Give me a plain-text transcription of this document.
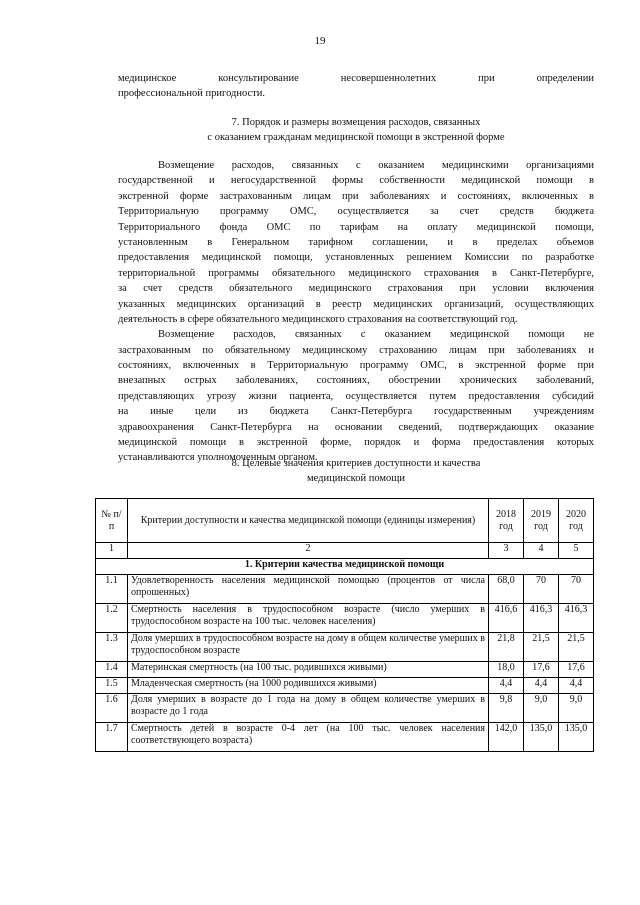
19
медицинское консультирование несовершеннолетних при определении
профессиональной пригодности.
7. Порядок и размеры возмещения расходов, связанных
с оказанием гражданам медицинской помощи в экстренной форме
Возмещение расходов, связанных с оказанием медицинскими организациями
государственной и негосударственной формы собственности медицинской помощи в
экстренной форме застрахованным лицам при заболеваниях и состояниях, включенных в
Территориальную программу ОМС, осуществляется за счет средств бюджета
Территориального фонда ОМС по тарифам на оплату медицинской помощи,
установленным в Генеральном тарифном соглашении, и в пределах объемов
предоставления медицинской помощи, установленных решением Комиссии по разработке
территориальной программы обязательного медицинского страхования в Санкт-Петербурге,
за счет средств обязательного медицинского страхования при условии включения
указанных медицинских организаций в реестр медицинских организаций, осуществляющих
деятельность в сфере обязательного медицинского страхования на соответствующий год.
Возмещение расходов, связанных с оказанием медицинской помощи не
застрахованным по обязательному медицинскому страхованию лицам при заболеваниях и
состояниях, включенных в Территориальную программу ОМС, в экстренной форме при
внезапных острых заболеваниях, состояниях, обострении хронических заболеваний,
представляющих угрозу жизни пациента, осуществляется путем предоставления субсидий
на иные цели из бюджета Санкт-Петербурга государственным учреждениям
здравоохранения Санкт-Петербурга на основании сведений, подтверждающих оказание
медицинской помощи в экстренной форме, порядок и форма предоставления которых
устанавливаются уполномоченным органом.
8. Целевые значения критериев доступности и качества
медицинской помощи
№ п/п	Критерии доступности и качества медицинской помощи (единицы измерения)	2018 год	2019 год	2020 год
1	2	3	4	5
1. Критерии качества медицинской помощи				
1.1	Удовлетворенность населения медицинской помощью (процентов от числа опрошенных)	68,0	70	70
1.2	Смертность населения в трудоспособном возрасте (число умерших в трудоспособном возрасте на 100 тыс. человек населения)	416,6	416,3	416,3
1.3	Доля умерших в трудоспособном возрасте на дому в общем количестве умерших в трудоспособном возрасте	21,8	21,5	21,5
1.4	Материнская смертность (на 100 тыс. родившихся живыми)	18,0	17,6	17,6
1.5	Младенческая смертность (на 1000 родившихся живыми)	4,4	4,4	4,4
1.6	Доля умерших в возрасте до 1 года на дому в общем количестве умерших в возрасте до 1 года	9,8	9,0	9,0
1.7	Смертность детей в возрасте 0-4 лет (на 100 тыс. человек населения соответствующего возраста)	142,0	135,0	135,0
